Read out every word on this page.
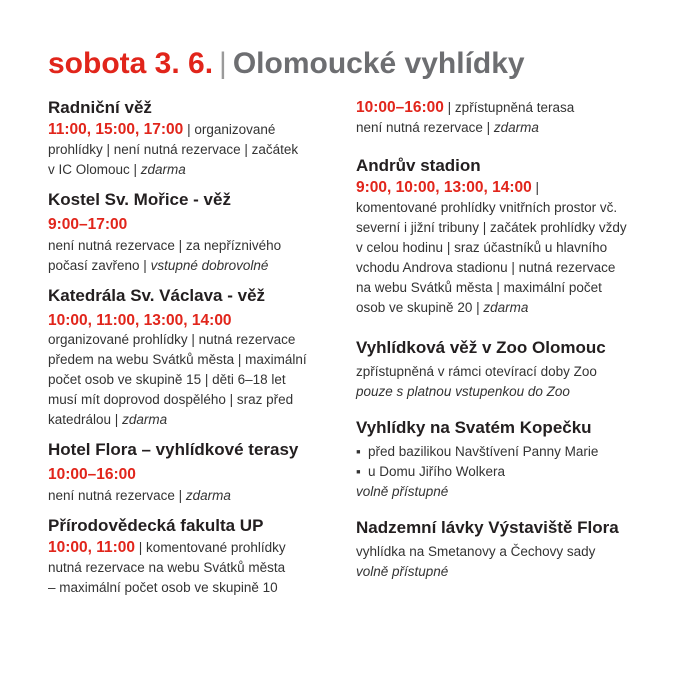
sobota 3. 6. | Olomoucké vyhlídky
Radniční věž
11:00, 15:00, 17:00 | organizované
prohlídky | není nutná rezervace | začátek
v IC Olomouc | zdarma
Kostel Sv. Mořice - věž
9:00–17:00
není nutná rezervace | za nepříznivého
počasí zavřeno | vstupné dobrovolné
Katedrála Sv. Václava - věž
10:00, 11:00, 13:00, 14:00
organizované prohlídky | nutná rezervace
předem na webu Svátků města | maximální
počet osob ve skupině 15 | děti 6–18 let
musí mít doprovod dospělého | sraz před
katedrálou | zdarma
Hotel Flora – vyhlídkové terasy
10:00–16:00
není nutná rezervace | zdarma
Přírodovědecká fakulta UP
10:00, 11:00 | komentované prohlídky
nutná rezervace na webu Svátků města
– maximální počet osob ve skupině 10
10:00–16:00 | zpřístupněná terasa
není nutná rezervace | zdarma
Andrův stadion
9:00, 10:00, 13:00, 14:00 |
komentované prohlídky vnitřních prostor vč.
severní i jižní tribuny | začátek prohlídky vždy
v celou hodinu | sraz účastníků u hlavního
vchodu Androva stadionu | nutná rezervace
na webu Svátků města | maximální počet
osob ve skupině 20 | zdarma
Vyhlídková věž v Zoo Olomouc
zpřístupněná v rámci otevírací doby Zoo
pouze s platnou vstupenkou do Zoo
Vyhlídky na Svatém Kopečku
▪ před bazilikou Navštívení Panny Marie
▪ u Domu Jiřího Wolkera
volně přístupné
Nadzemní lávky Výstaviště Flora
vyhlídka na Smetanovy a Čechovy sady
volně přístupné
